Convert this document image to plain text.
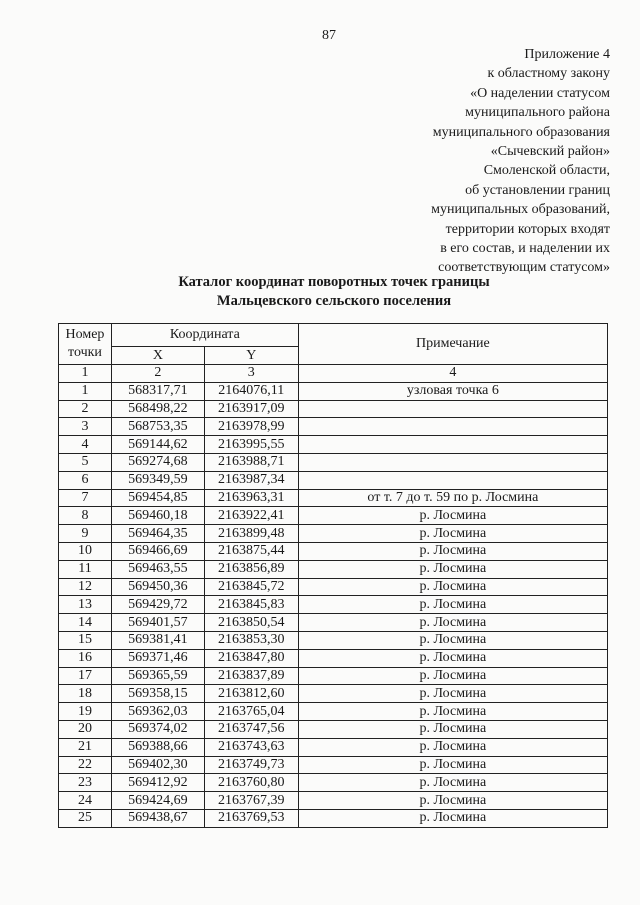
87
Приложение 4
к областному закону
«О наделении статусом
муниципального района
муниципального образования
«Сычевский район»
Смоленской области,
об установлении границ
муниципальных образований,
территории которых входят
в его состав, и наделении их
соответствующим статусом»
Каталог координат поворотных точек границы
Мальцевского сельского поселения
Номер точки	Координата		Примечание
	X	Y	
1	2	3	4
1	568317,71	2164076,11	узловая точка 6
2	568498,22	2163917,09	
3	568753,35	2163978,99	
4	569144,62	2163995,55	
5	569274,68	2163988,71	
6	569349,59	2163987,34	
7	569454,85	2163963,31	от т. 7 до т. 59 по р. Лосмина
8	569460,18	2163922,41	р. Лосмина
9	569464,35	2163899,48	р. Лосмина
10	569466,69	2163875,44	р. Лосмина
11	569463,55	2163856,89	р. Лосмина
12	569450,36	2163845,72	р. Лосмина
13	569429,72	2163845,83	р. Лосмина
14	569401,57	2163850,54	р. Лосмина
15	569381,41	2163853,30	р. Лосмина
16	569371,46	2163847,80	р. Лосмина
17	569365,59	2163837,89	р. Лосмина
18	569358,15	2163812,60	р. Лосмина
19	569362,03	2163765,04	р. Лосмина
20	569374,02	2163747,56	р. Лосмина
21	569388,66	2163743,63	р. Лосмина
22	569402,30	2163749,73	р. Лосмина
23	569412,92	2163760,80	р. Лосмина
24	569424,69	2163767,39	р. Лосмина
25	569438,67	2163769,53	р. Лосмина
